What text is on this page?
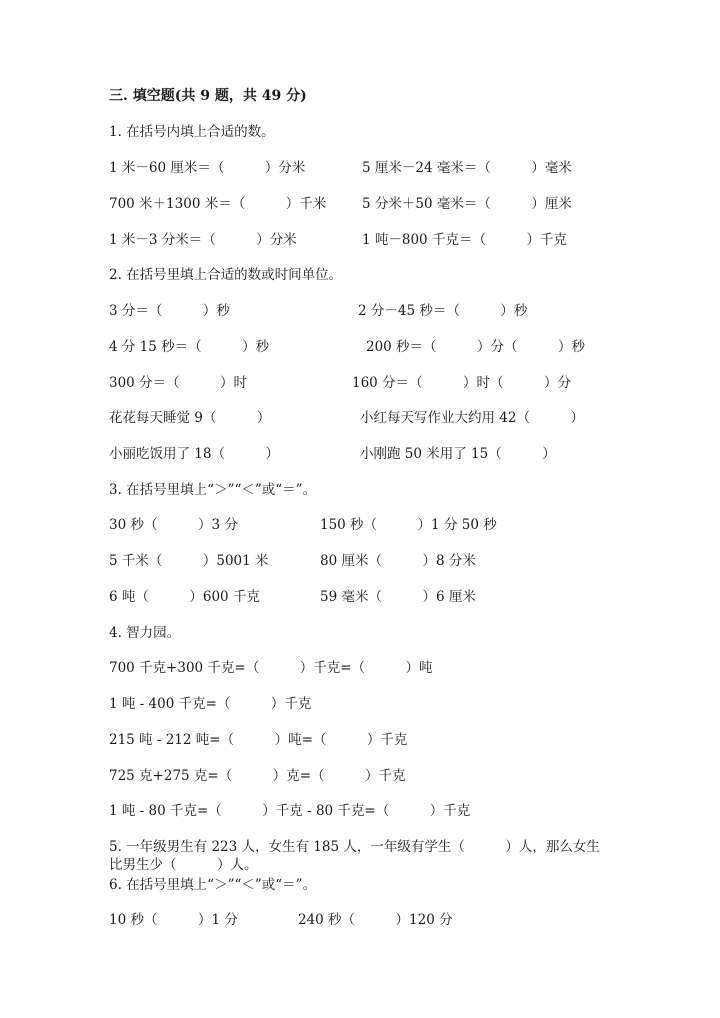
三. 填空题(共 9 题，共 49 分)
1. 在括号内填上合适的数。
1 米－60 厘米＝（　　　）分米	5 厘米－24 毫米＝（　　　）毫米
700 米＋1300 米＝（　　　）千米	5 分米＋50 毫米＝（　　　）厘米
1 米－3 分米＝（　　　）分米	1 吨－800 千克＝（　　　）千克
2. 在括号里填上合适的数或时间单位。
3 分＝（　　　）秒	2 分－45 秒＝（　　　）秒
4 分 15 秒＝（　　　）秒	200 秒＝（　　　）分（　　　）秒
300 分＝（　　　）时	160 分＝（　　　）时（　　　）分
花花每天睡觉 9（　　　）	小红每天写作业大约用 42（　　　）
小丽吃饭用了 18（　　　）	小刚跑 50 米用了 15（　　　）
3. 在括号里填上“＞”“＜”或“＝”。
30 秒（　　　）3 分	150 秒（　　　）1 分 50 秒
5 千米（　　　）5001 米	80 厘米（　　　）8 分米
6 吨（　　　）600 千克	59 毫米（　　　）6 厘米
4. 智力园。
700 千克+300 千克=（　　　）千克=（　　　）吨
1 吨 - 400 千克=（　　　）千克
215 吨 - 212 吨=（　　　）吨=（　　　）千克
725 克+275 克=（　　　）克=（　　　）千克
1 吨 - 80 千克=（　　　）千克 - 80 千克=（　　　）千克
5. 一年级男生有 223 人，女生有 185 人，一年级有学生（　　　）人，那么女生
比男生少（　　　）人。
6. 在括号里填上“＞”“＜”或“＝”。
10 秒（　　　）1 分	240 秒（　　　）120 分
